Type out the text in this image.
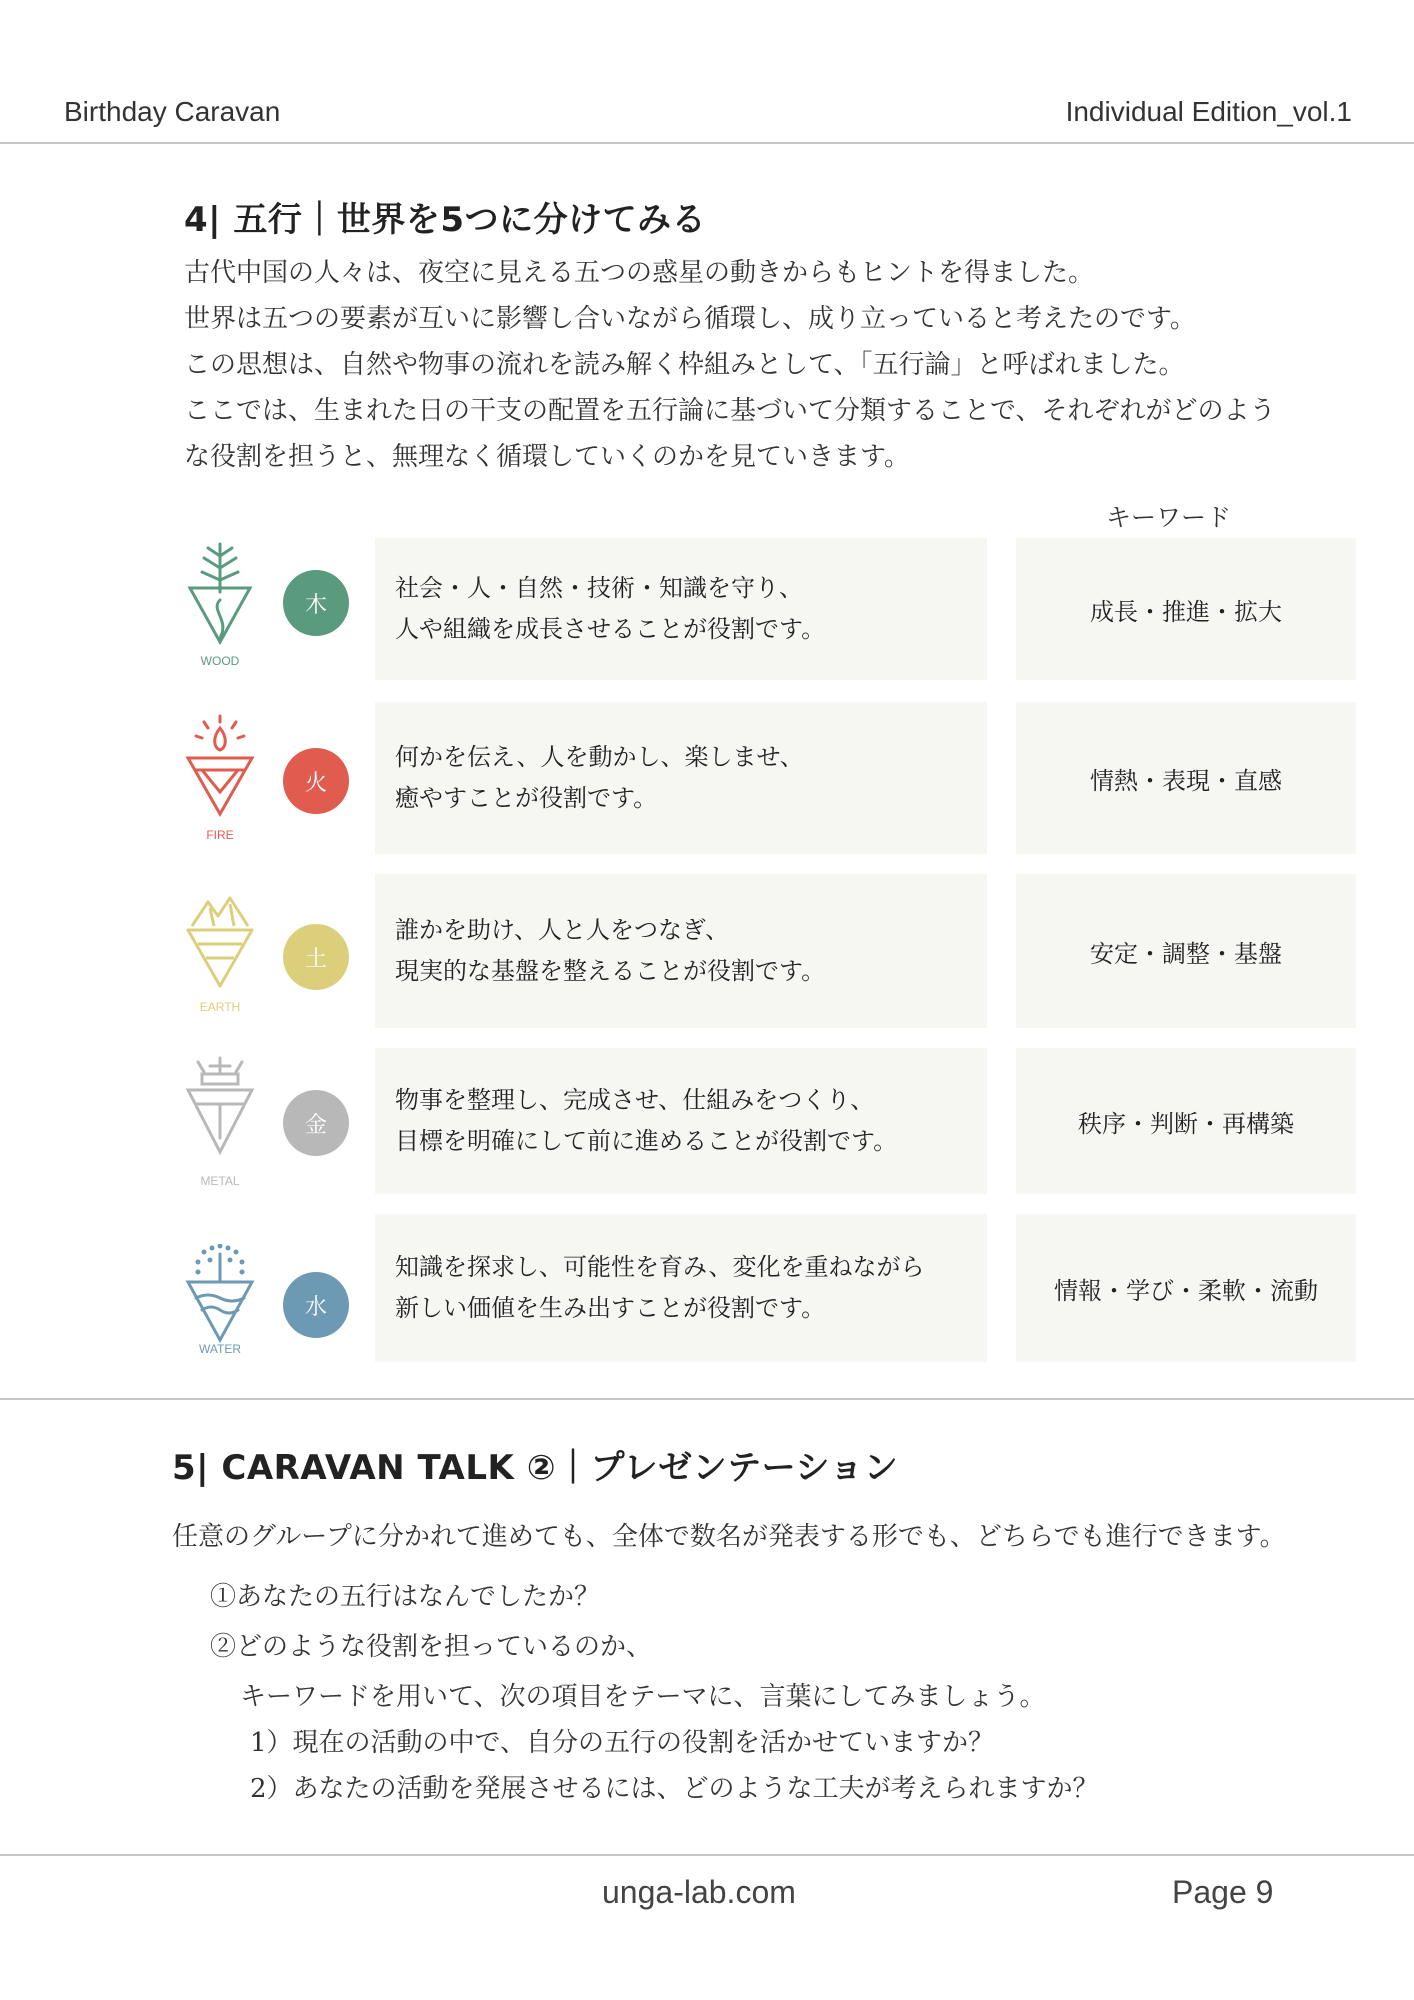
Birthday Caravan	Individual Edition_vol.1
4| 五行｜世界を5つに分けてみる

古代中国の人々は、夜空に見える五つの惑星の動きからもヒントを得ました。

世界は五つの要素が互いに影響し合いながら循環し、成り立っていると考えたのです。

この思想は、自然や物事の流れを読み解く枠組みとして、「五行論」と呼ばれました。

ここでは、生まれた日の干支の配置を五行論に基づいて分類することで、それぞれがどのよう

な役割を担うと、無理なく循環していくのかを見ていきます。

キーワード
WOOD
木
社会・人・自然・技術・知識を守り、
人や組織を成長させることが役割です。
成長・推進・拡大
FIRE
火
何かを伝え、人を動かし、楽しませ、
癒やすことが役割です。
情熱・表現・直感
EARTH
土
誰かを助け、人と人をつなぎ、
現実的な基盤を整えることが役割です。
安定・調整・基盤
METAL
金
物事を整理し、完成させ、仕組みをつくり、
目標を明確にして前に進めることが役割です。
秩序・判断・再構築
WATER
水
知識を探求し、可能性を育み、変化を重ねながら
新しい価値を生み出すことが役割です。
情報・学び・柔軟・流動
5| CARAVAN TALK ②｜プレゼンテーション
任意のグループに分かれて進めても、全体で数名が発表する形でも、どちらでも進行できます。
①あなたの五行はなんでしたか？
②どのような役割を担っているのか、
キーワードを用いて、次の項目をテーマに、言葉にしてみましょう。
1）現在の活動の中で、自分の五行の役割を活かせていますか？
2）あなたの活動を発展させるには、どのような工夫が考えられますか？
unga-lab.com	Page 9
